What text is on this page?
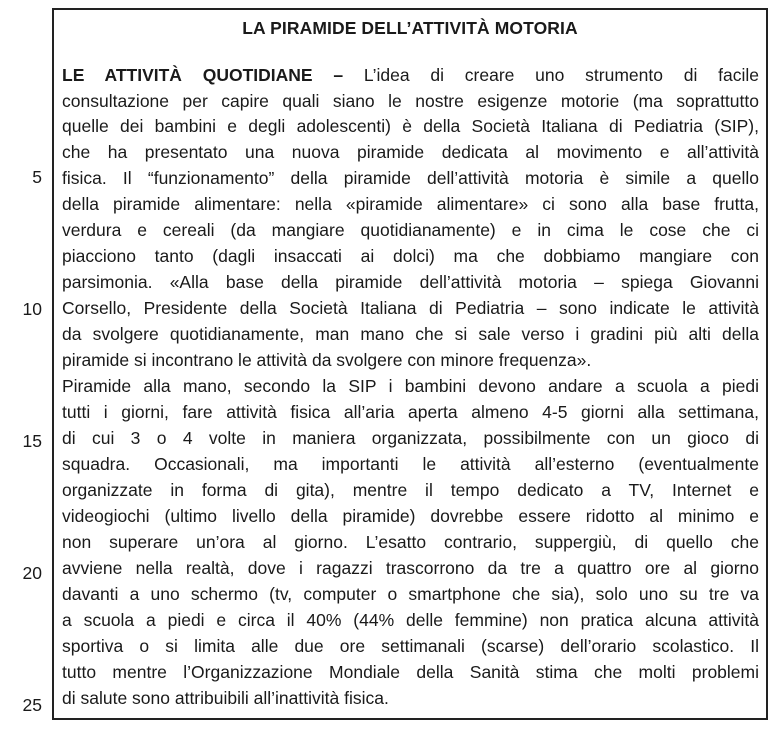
5
10
15
20
25
LA PIRAMIDE DELL’ATTIVITÀ MOTORIA
LE ATTIVITÀ QUOTIDIANE – L’idea di creare uno strumento di facile
consultazione per capire quali siano le nostre esigenze motorie (ma soprattutto
quelle dei bambini e degli adolescenti) è della Società Italiana di Pediatria (SIP),
che ha presentato una nuova piramide dedicata al movimento e all’attività
fisica. Il “funzionamento” della piramide dell’attività motoria è simile a quello
della piramide alimentare: nella «piramide alimentare» ci sono alla base frutta,
verdura e cereali (da mangiare quotidianamente) e in cima le cose che ci
piacciono tanto (dagli insaccati ai dolci) ma che dobbiamo mangiare con
parsimonia. «Alla base della piramide dell’attività motoria – spiega Giovanni
Corsello, Presidente della Società Italiana di Pediatria – sono indicate le attività
da svolgere quotidianamente, man mano che si sale verso i gradini più alti della
piramide si incontrano le attività da svolgere con minore frequenza».
Piramide alla mano, secondo la SIP i bambini devono andare a scuola a piedi
tutti i giorni, fare attività fisica all’aria aperta almeno 4-5 giorni alla settimana,
di cui 3 o 4 volte in maniera organizzata, possibilmente con un gioco di
squadra. Occasionali, ma importanti le attività all’esterno (eventualmente
organizzate in forma di gita), mentre il tempo dedicato a TV, Internet e
videogiochi (ultimo livello della piramide) dovrebbe essere ridotto al minimo e
non superare un’ora al giorno. L’esatto contrario, suppergiù, di quello che
avviene nella realtà, dove i ragazzi trascorrono da tre a quattro ore al giorno
davanti a uno schermo (tv, computer o smartphone che sia), solo uno su tre va
a scuola a piedi e circa il 40% (44% delle femmine) non pratica alcuna attività
sportiva o si limita alle due ore settimanali (scarse) dell’orario scolastico. Il
tutto mentre l’Organizzazione Mondiale della Sanità stima che molti problemi
di salute sono attribuibili all’inattività fisica.
